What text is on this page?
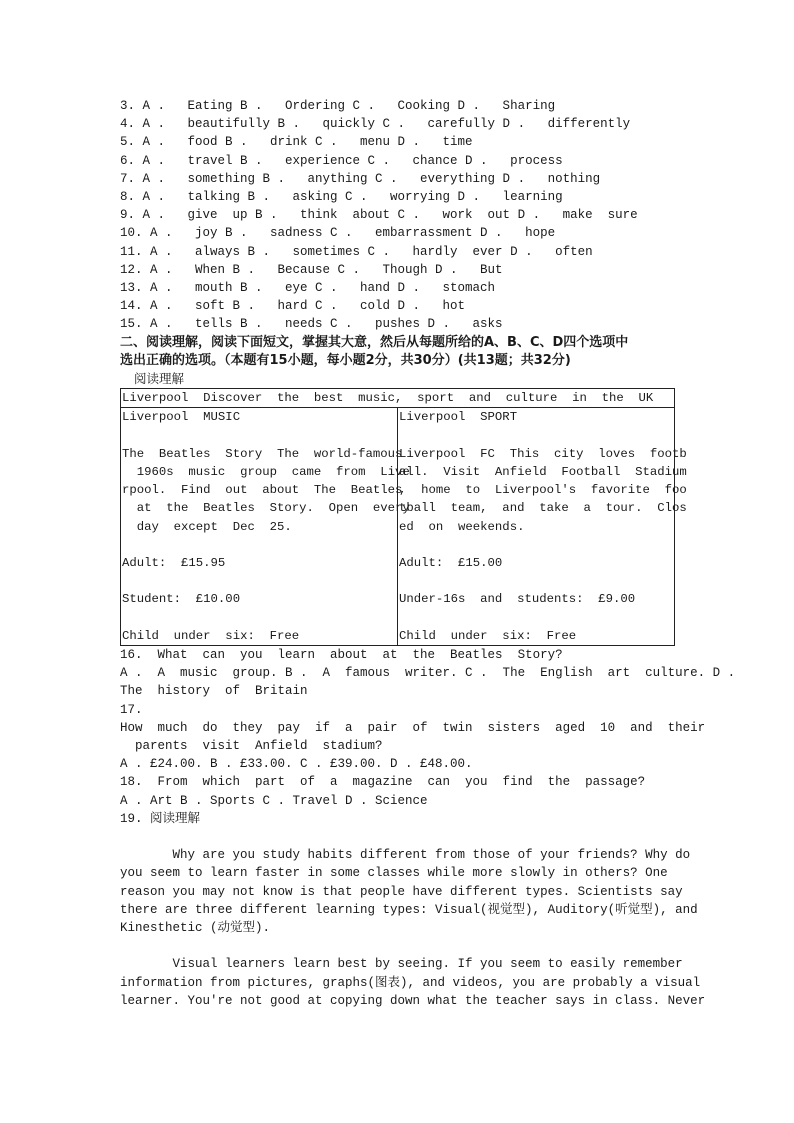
3. A .   Eating B .   Ordering C .   Cooking D .   Sharing

4. A .   beautifully B .   quickly C .   carefully D .   differently

5. A .   food B .   drink C .   menu D .   time

6. A .   travel B .   experience C .   chance D .   process

7. A .   something B .   anything C .   everything D .   nothing

8. A .   talking B .   asking C .   worrying D .   learning

9. A .   give  up B .   think  about C .   work  out D .   make  sure

10. A .   joy B .   sadness C .   embarrassment D .   hope

11. A .   always B .   sometimes C .   hardly  ever D .   often

12. A .   When B .   Because C .   Though D .   But

13. A .   mouth B .   eye C .   hand D .   stomach

14. A .   soft B .   hard C .   cold D .   hot

15. A .   tells B .   needs C .   pushes D .   asks

二、阅读理解，阅读下面短文，掌握其大意，然后从每题所给的A、B、C、D四个选项中

选出正确的选项。（本题有15小题，每小题2分，共30分）(共13题；共32分)

阅读理解

Liverpool  Discover  the  best  music,  sport  and  culture  in  the  UK

Liverpool  MUSIC

The  Beatles  Story  The  world-famous

1960s  music  group  came  from  Live

rpool.  Find  out  about  The  Beatles

at  the  Beatles  Story.  Open  every

day  except  Dec  25.

Adult:  £15.95

Student:  £10.00

Child  under  six:  Free

Liverpool  SPORT

Liverpool  FC  This  city  loves  footb

all.  Visit  Anfield  Football  Stadium

,  home  to  Liverpool's  favorite  foo

tball  team,  and  take  a  tour.  Clos

ed  on  weekends.

Adult:  £15.00

Under-16s  and  students:  £9.00

Child  under  six:  Free

16.  What  can  you  learn  about  at  the  Beatles  Story?

A .  A  music  group. B .  A  famous  writer. C .  The  English  art  culture. D .

The  history  of  Britain

17.

How  much  do  they  pay  if  a  pair  of  twin  sisters  aged  10  and  their

parents  visit  Anfield  stadium?

A . £24.00. B . £33.00. C . £39.00. D . £48.00.

18.  From  which  part  of  a  magazine  can  you  find  the  passage?

A . Art B . Sports C . Travel D . Science

19. 阅读理解

Why are you study habits different from those of your friends? Why do

you seem to learn faster in some classes while more slowly in others? One

reason you may not know is that people have different types. Scientists say

there are three different learning types: Visual(视觉型), Auditory(听觉型), and

Kinesthetic (动觉型).

Visual learners learn best by seeing. If you seem to easily remember

information from pictures, graphs(图表), and videos, you are probably a visual

learner. You're not good at copying down what the teacher says in class. Never
